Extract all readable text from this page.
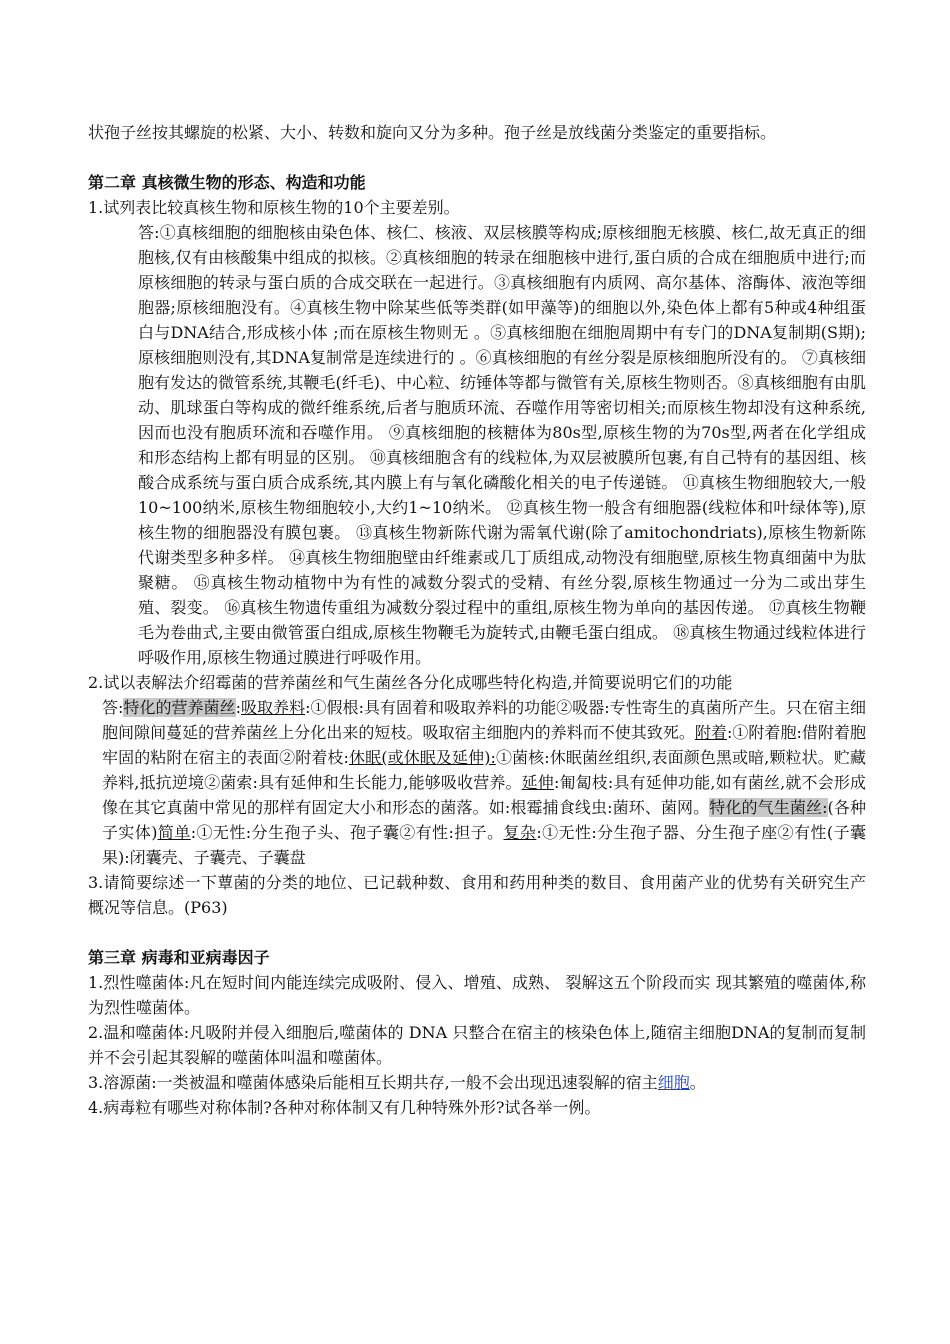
状孢子丝按其螺旋的松紧、大小、转数和旋向又分为多种。孢子丝是放线菌分类鉴定的重要指标。

第二章 真核微生物的形态、构造和功能

1.试列表比较真核生物和原核生物的10个主要差别。

答:①真核细胞的细胞核由染色体、核仁、核液、双层核膜等构成;原核细胞无核膜、核仁,故无真正的细胞核,仅有由核酸集中组成的拟核。②真核细胞的转录在细胞核中进行,蛋白质的合成在细胞质中进行;而原核细胞的转录与蛋白质的合成交联在一起进行。③真核细胞有内质网、高尔基体、溶酶体、液泡等细胞器;原核细胞没有。④真核生物中除某些低等类群(如甲藻等)的细胞以外,染色体上都有5种或4种组蛋白与DNA结合,形成核小体 ;而在原核生物则无 。⑤真核细胞在细胞周期中有专门的DNA复制期(S期);原核细胞则没有,其DNA复制常是连续进行的 。⑥真核细胞的有丝分裂是原核细胞所没有的。 ⑦真核细胞有发达的微管系统,其鞭毛(纤毛)、中心粒、纺锤体等都与微管有关,原核生物则否。⑧真核细胞有由肌动、肌球蛋白等构成的微纤维系统,后者与胞质环流、吞噬作用等密切相关;而原核生物却没有这种系统,因而也没有胞质环流和吞噬作用。 ⑨真核细胞的核糖体为80s型,原核生物的为70s型,两者在化学组成和形态结构上都有明显的区别。 ⑩真核细胞含有的线粒体,为双层被膜所包裹,有自己特有的基因组、核酸合成系统与蛋白质合成系统,其内膜上有与氧化磷酸化相关的电子传递链。 ⑪真核生物细胞较大,一般10~100纳米,原核生物细胞较小,大约1~10纳米。 ⑫真核生物一般含有细胞器(线粒体和叶绿体等),原核生物的细胞器没有膜包裹。 ⑬真核生物新陈代谢为需氧代谢(除了amitochondriats),原核生物新陈代谢类型多种多样。 ⑭真核生物细胞壁由纤维素或几丁质组成,动物没有细胞壁,原核生物真细菌中为肽聚糖。 ⑮真核生物动植物中为有性的减数分裂式的受精、有丝分裂,原核生物通过一分为二或出芽生殖、裂变。 ⑯真核生物遗传重组为减数分裂过程中的重组,原核生物为单向的基因传递。 ⑰真核生物鞭毛为卷曲式,主要由微管蛋白组成,原核生物鞭毛为旋转式,由鞭毛蛋白组成。 ⑱真核生物通过线粒体进行呼吸作用,原核生物通过膜进行呼吸作用。

2.试以表解法介绍霉菌的营养菌丝和气生菌丝各分化成哪些特化构造,并简要说明它们的功能

答:特化的营养菌丝:吸取养料:①假根:具有固着和吸取养料的功能②吸器:专性寄生的真菌所产生。只在宿主细胞间隙间蔓延的营养菌丝上分化出来的短枝。吸取宿主细胞内的养料而不使其致死。附着:①附着胞:借附着胞牢固的粘附在宿主的表面②附着枝:休眠(或休眠及延伸):①菌核:休眠菌丝组织,表面颜色黑或暗,颗粒状。贮藏养料,抵抗逆境②菌索:具有延伸和生长能力,能够吸收营养。延伸:匍匐枝:具有延伸功能,如有菌丝,就不会形成像在其它真菌中常见的那样有固定大小和形态的菌落。如:根霉捕食线虫:菌环、菌网。特化的气生菌丝:(各种子实体)简单:①无性:分生孢子头、孢子囊②有性:担子。复杂:①无性:分生孢子器、分生孢子座②有性(子囊果):闭囊壳、子囊壳、子囊盘

3.请简要综述一下蕈菌的分类的地位、已记载种数、食用和药用种类的数目、食用菌产业的优势有关研究生产概况等信息。(P63)

第三章 病毒和亚病毒因子

1.烈性噬菌体:凡在短时间内能连续完成吸附、侵入、增殖、成熟、 裂解这五个阶段而实 现其繁殖的噬菌体,称为烈性噬菌体。

2.温和噬菌体:凡吸附并侵入细胞后,噬菌体的 DNA 只整合在宿主的核染色体上,随宿主细胞DNA的复制而复制并不会引起其裂解的噬菌体叫温和噬菌体。

3.溶源菌:一类被温和噬菌体感染后能相互长期共存,一般不会出现迅速裂解的宿主细胞。

4.病毒粒有哪些对称体制?各种对称体制又有几种特殊外形?试各举一例。
